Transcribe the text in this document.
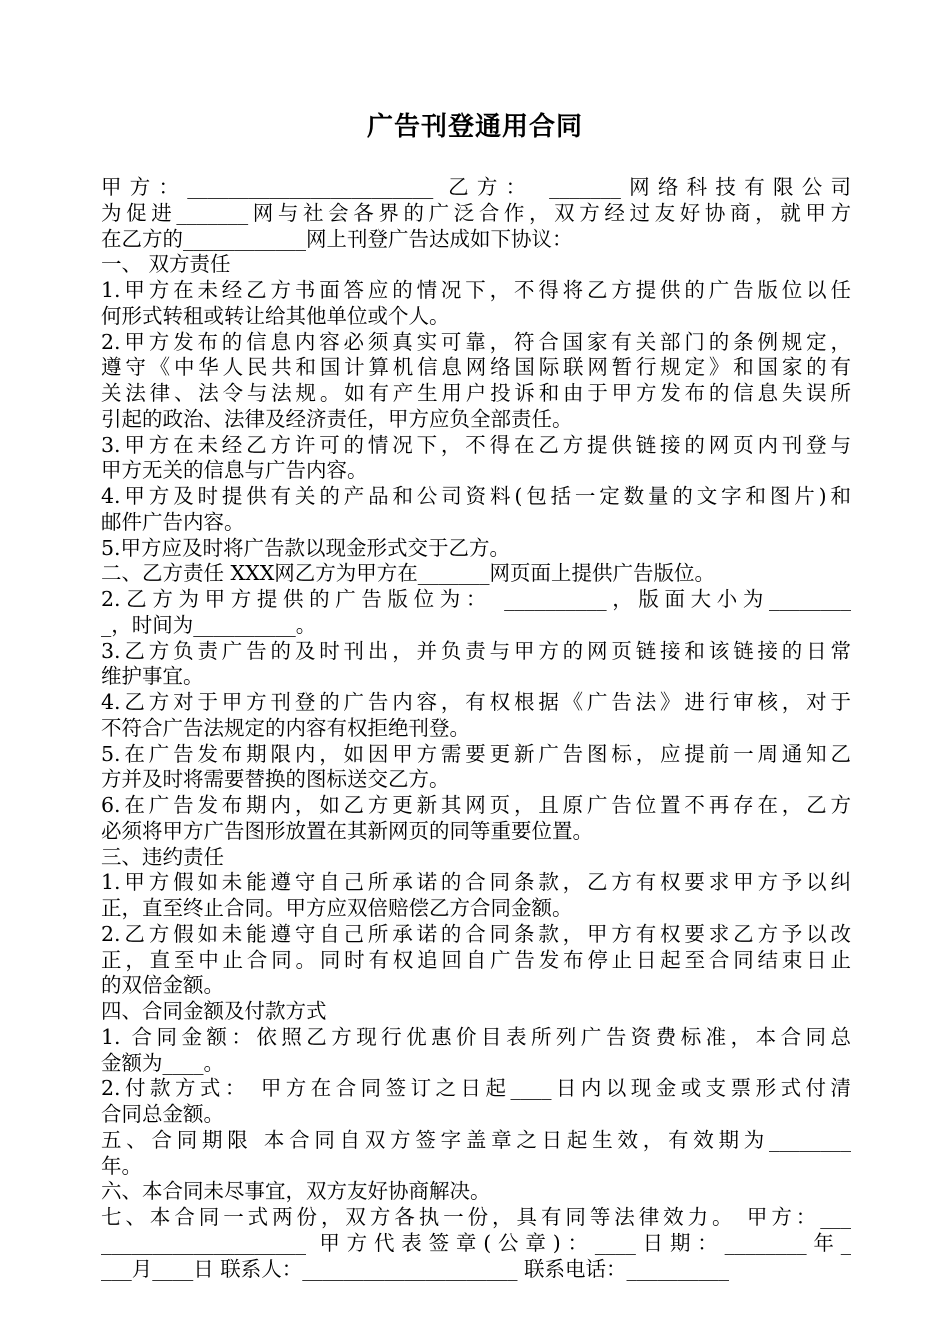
广告刊登通用合同
甲方：________________________ 乙方： _______网络科技有限公司
为促进_______网与社会各界的广泛合作，双方经过友好协商，就甲方
在乙方的____________网上刊登广告达成如下协议：
一、 双方责任
1.甲方在未经乙方书面答应的情况下，不得将乙方提供的广告版位以任
何形式转租或转让给其他单位或个人。
2.甲方发布的信息内容必须真实可靠，符合国家有关部门的条例规定，
遵守《中华人民共和国计算机信息网络国际联网暂行规定》和国家的有
关法律、法令与法规。如有产生用户投诉和由于甲方发布的信息失误所
引起的政治、法律及经济责任，甲方应负全部责任。
3.甲方在未经乙方许可的情况下，不得在乙方提供链接的网页内刊登与
甲方无关的信息与广告内容。
4.甲方及时提供有关的产品和公司资料(包括一定数量的文字和图片)和
邮件广告内容。
5.甲方应及时将广告款以现金形式交于乙方。
二、乙方责任 XXX网乙方为甲方在_______网页面上提供广告版位。
2.乙方为甲方提供的广告版位为： __________，版面大小为________
_，时间为__________。
3.乙方负责广告的及时刊出，并负责与甲方的网页链接和该链接的日常
维护事宜。
4.乙方对于甲方刊登的广告内容，有权根据《广告法》进行审核，对于
不符合广告法规定的内容有权拒绝刊登。
5.在广告发布期限内，如因甲方需要更新广告图标，应提前一周通知乙
方并及时将需要替换的图标送交乙方。
6.在广告发布期内，如乙方更新其网页，且原广告位置不再存在，乙方
必须将甲方广告图形放置在其新网页的同等重要位置。
三、违约责任
1.甲方假如未能遵守自己所承诺的合同条款，乙方有权要求甲方予以纠
正，直至终止合同。甲方应双倍赔偿乙方合同金额。
2.乙方假如未能遵守自己所承诺的合同条款，甲方有权要求乙方予以改
正，直至中止合同。同时有权追回自广告发布停止日起至合同结束日止
的双倍金额。
四、合同金额及付款方式
1. 合同金额：依照乙方现行优惠价目表所列广告资费标准，本合同总
金额为____。
2.付款方式： 甲方在合同签订之日起____日内以现金或支票形式付清
合同总金额。
五、合同期限 本合同自双方签字盖章之日起生效，有效期为________
年。
六、本合同未尽事宜，双方友好协商解决。
七、本合同一式两份，双方各执一份，具有同等法律效力。 甲方：___
____________________ 甲方代表签章(公章)：____日期：________年_
___月____日 联系人：_____________________ 联系电话：__________
